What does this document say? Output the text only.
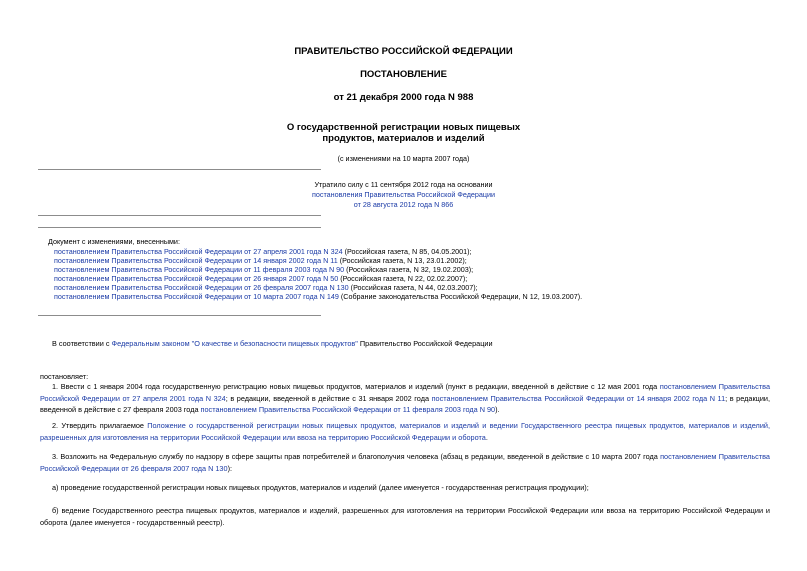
ПРАВИТЕЛЬСТВО РОССИЙСКОЙ ФЕДЕРАЦИИ
ПОСТАНОВЛЕНИЕ
от 21 декабря 2000 года N 988
О государственной регистрации новых пищевых
продуктов, материалов и изделий
(с изменениями на 10 марта 2007 года)
Утратило силу с 11 сентября 2012 года на основании
постановления Правительства Российской Федерации
от 28 августа 2012 года N 866
Документ с изменениями, внесенными:
постановлением Правительства Российской Федерации от 27 апреля 2001 года N 324 (Российская газета, N 85, 04.05.2001);
постановлением Правительства Российской Федерации от 14 января 2002 года N 11 (Российская газета, N 13, 23.01.2002);
постановлением Правительства Российской Федерации от 11 февраля 2003 года N 90 (Российская газета, N 32, 19.02.2003);
постановлением Правительства Российской Федерации от 26 января 2007 года N 50 (Российская газета, N 22, 02.02.2007);
постановлением Правительства Российской Федерации от 26 февраля 2007 года N 130 (Российская газета, N 44, 02.03.2007);
постановлением Правительства Российской Федерации от 10 марта 2007 года N 149 (Собрание законодательства Российской Федерации, N 12, 19.03.2007).
В соответствии с Федеральным законом "О качестве и безопасности пищевых продуктов" Правительство Российской Федерации
постановляет:
1. Ввести с 1 января 2004 года государственную регистрацию новых пищевых продуктов, материалов и изделий (пункт в редакции, введенной в действие с 12 мая 2001 года постановлением Правительства Российской Федерации от 27 апреля 2001 года N 324; в редакции, введенной в действие с 31 января 2002 года постановлением Правительства Российской Федерации от 14 января 2002 года N 11; в редакции, введенной в действие с 27 февраля 2003 года постановлением Правительства Российской Федерации от 11 февраля 2003 года N 90).
2. Утвердить прилагаемое Положение о государственной регистрации новых пищевых продуктов, материалов и изделий и ведении Государственного реестра пищевых продуктов, материалов и изделий, разрешенных для изготовления на территории Российской Федерации или ввоза на территорию Российской Федерации и оборота.
3. Возложить на Федеральную службу по надзору в сфере защиты прав потребителей и благополучия человека (абзац в редакции, введенной в действие с 10 марта 2007 года постановлением Правительства Российской Федерации от 26 февраля 2007 года N 130):
а) проведение государственной регистрации новых пищевых продуктов, материалов и изделий (далее именуется - государственная регистрация продукции);
б) ведение Государственного реестра пищевых продуктов, материалов и изделий, разрешенных для изготовления на территории Российской Федерации или ввоза на территорию Российской Федерации и оборота (далее именуется - государственный реестр).
